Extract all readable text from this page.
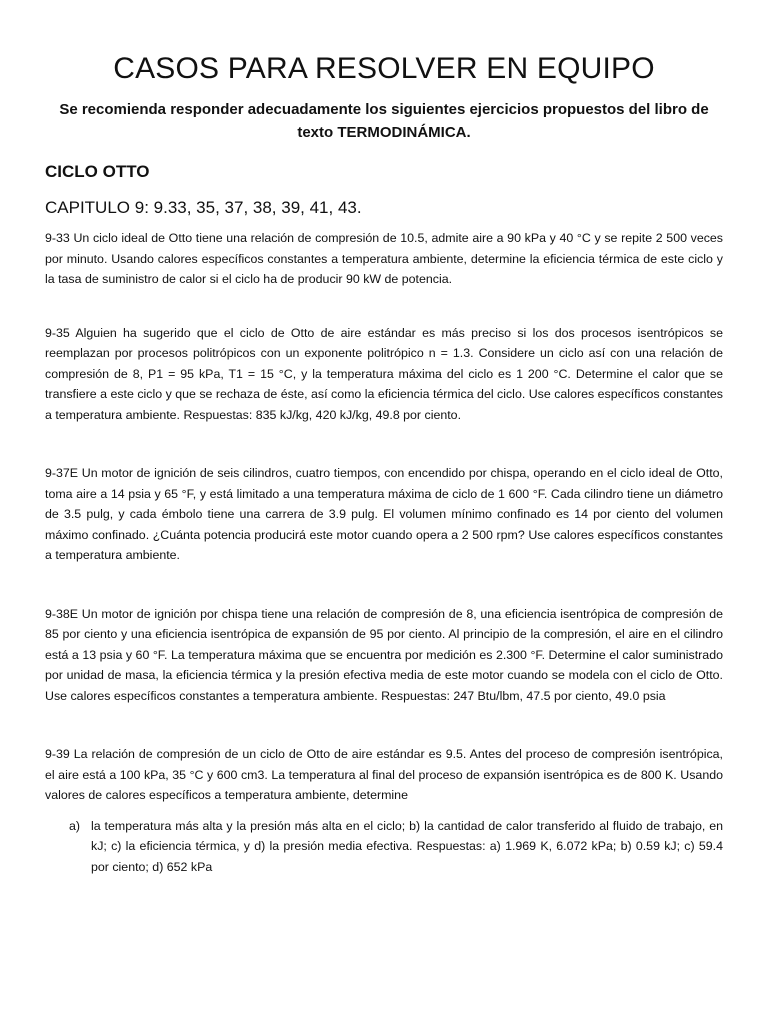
CASOS PARA RESOLVER EN EQUIPO

Se recomienda responder adecuadamente los siguientes ejercicios propuestos del libro de texto TERMODINÁMICA.

CICLO OTTO
CAPITULO 9: 9.33, 35, 37, 38, 39, 41, 43.

9-33 Un ciclo ideal de Otto tiene una relación de compresión de 10.5, admite aire a 90 kPa y 40 °C y se repite 2 500 veces por minuto. Usando calores específicos constantes a temperatura ambiente, determine la eficiencia térmica de este ciclo y la tasa de suministro de calor si el ciclo ha de producir 90 kW de potencia.

9-35 Alguien ha sugerido que el ciclo de Otto de aire estándar es más preciso si los dos procesos isentrópicos se reemplazan por procesos politrópicos con un exponente politrópico n = 1.3. Considere un ciclo así con una relación de compresión de 8, P1 = 95 kPa, T1 = 15 °C, y la temperatura máxima del ciclo es 1 200 °C. Determine el calor que se transfiere a este ciclo y que se rechaza de éste, así como la eficiencia térmica del ciclo. Use calores específicos constantes a temperatura ambiente. Respuestas: 835 kJ/kg, 420 kJ/kg, 49.8 por ciento.

9-37E Un motor de ignición de seis cilindros, cuatro tiempos, con encendido por chispa, operando en el ciclo ideal de Otto, toma aire a 14 psia y 65 °F, y está limitado a una temperatura máxima de ciclo de 1 600 °F. Cada cilindro tiene un diámetro de 3.5 pulg, y cada émbolo tiene una carrera de 3.9 pulg. El volumen mínimo confinado es 14 por ciento del volumen máximo confinado. ¿Cuánta potencia producirá este motor cuando opera a 2 500 rpm? Use calores específicos constantes a temperatura ambiente.

9-38E Un motor de ignición por chispa tiene una relación de compresión de 8, una eficiencia isentrópica de compresión de 85 por ciento y una eficiencia isentrópica de expansión de 95 por ciento. Al principio de la compresión, el aire en el cilindro está a 13 psia y 60 °F. La temperatura máxima que se encuentra por medición es 2.300 °F. Determine el calor suministrado por unidad de masa, la eficiencia térmica y la presión efectiva media de este motor cuando se modela con el ciclo de Otto. Use calores específicos constantes a temperatura ambiente. Respuestas: 247 Btu/lbm, 47.5 por ciento, 49.0 psia

9-39 La relación de compresión de un ciclo de Otto de aire estándar es 9.5. Antes del proceso de compresión isentrópica, el aire está a 100 kPa, 35 °C y 600 cm3. La temperatura al final del proceso de expansión isentrópica es de 800 K. Usando valores de calores específicos a temperatura ambiente, determine

a) la temperatura más alta y la presión más alta en el ciclo; b) la cantidad de calor transferido al fluido de trabajo, en kJ; c) la eficiencia térmica, y d) la presión media efectiva. Respuestas: a) 1.969 K, 6.072 kPa; b) 0.59 kJ; c) 59.4 por ciento; d) 652 kPa
